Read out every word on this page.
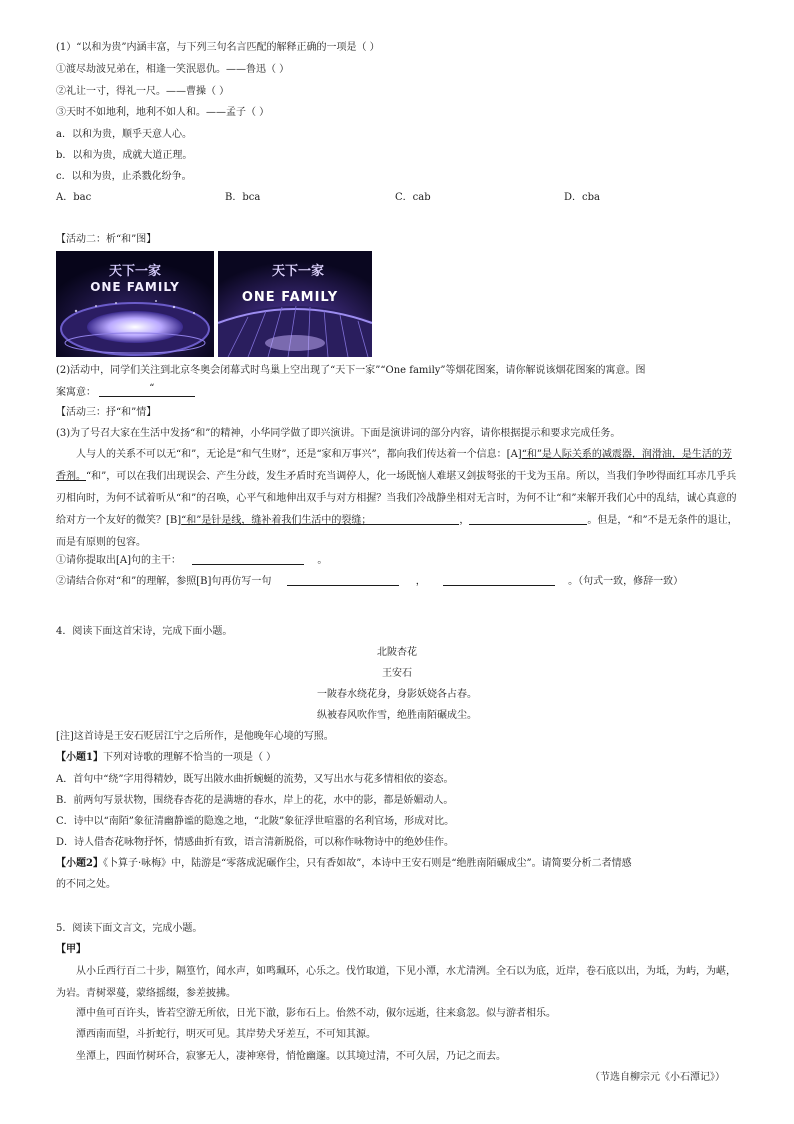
(1）“以和为贵”内涵丰富，与下列三句名言匹配的解释正确的一项是（ ）
①渡尽劫波兄弟在，相逢一笑泯恩仇。——鲁迅（ ）
②礼让一寸，得礼一尺。——曹操（ ）
③天时不如地利，地利不如人和。——孟子（ ）
a．以和为贵，顺乎天意人心。
b．以和为贵，成就大道正理。
c．以和为贵，止杀戮化纷争。
A．bac	B．bca	C．cab	D．cba
【活动二：析“和”图】
天下一家
ONE FAMILY
天下一家
ONE FAMILY
(2)活动中，同学们关注到北京冬奥会闭幕式时鸟巢上空出现了“天下一家”“One family”等烟花图案，请你解说该烟花图案的寓意。图
案寓意：	“
【活动三：抒“和”情】
(3)为了号召大家在生活中发扬“和”的精神，小华同学做了即兴演讲。下面是演讲词的部分内容，请你根据提示和要求完成任务。
人与人的关系不可以无“和”，无论是“和气生财”，还是“家和万事兴”，都向我们传达着一个信息：[A]“和”是人际关系的减震器，润滑油，是生活的芳香剂。“和”，可以在我们出现误会、产生分歧，发生矛盾时充当调停人，化一场既恼人难堪又剑拔弩张的干戈为玉帛。所以，当我们争吵得面红耳赤几乎兵刃相向时，为何不试着听从“和”的召唤，心平气和地伸出双手与对方相握？当我们冷战静坐相对无言时，为何不让“和”来解开我们心中的乱结，诚心真意的给对方一个友好的微笑？[B]“和”是针是线，缝补着我们生活中的裂缝；	，	。但是，“和”不是无条件的退让，而是有原则的包容。
①请你提取出[A]句的主干：	。
②请结合你对“和”的理解，参照[B]句再仿写一句	，	。（句式一致，修辞一致）
4．阅读下面这首宋诗，完成下面小题。
北陂杏花
王安石
一陂春水绕花身，身影妖娆各占春。
纵被春风吹作雪，绝胜南陌碾成尘。
[注]这首诗是王安石贬居江宁之后所作，是他晚年心境的写照。
【小题1】下列对诗歌的理解不恰当的一项是（ ）
A．首句中“绕”字用得精妙，既写出陂水曲折蜿蜒的流势，又写出水与花多情相依的姿态。
B．前两句写景状物，围绕春杏花的是满塘的春水，岸上的花，水中的影，都是娇媚动人。
C．诗中以“南陌”象征清幽静谧的隐逸之地，“北陂”象征浮世喧嚣的名利官场，形成对比。
D．诗人借杏花咏物抒怀，情感曲折有致，语言清新脱俗，可以称作咏物诗中的绝妙佳作。
【小题2】《卜算子·咏梅》中，陆游是“零落成泥碾作尘，只有香如故”，本诗中王安石则是“绝胜南陌碾成尘”。请简要分析二者情感
的不同之处。
5．阅读下面文言文，完成小题。
【甲】
从小丘西行百二十步，隔篁竹，闻水声，如鸣珮环，心乐之。伐竹取道，下见小潭，水尤清洌。全石以为底，近岸，卷石底以出，为坻，为屿，为嵁，为岩。青树翠蔓，蒙络摇缀，参差披拂。
潭中鱼可百许头，皆若空游无所依，日光下澈，影布石上。佁然不动，俶尔远逝，往来翕忽。似与游者相乐。
潭西南而望，斗折蛇行，明灭可见。其岸势犬牙差互，不可知其源。
坐潭上，四面竹树环合，寂寥无人，凄神寒骨，悄怆幽邃。以其境过清，不可久居，乃记之而去。
（节选自柳宗元《小石潭记》）
